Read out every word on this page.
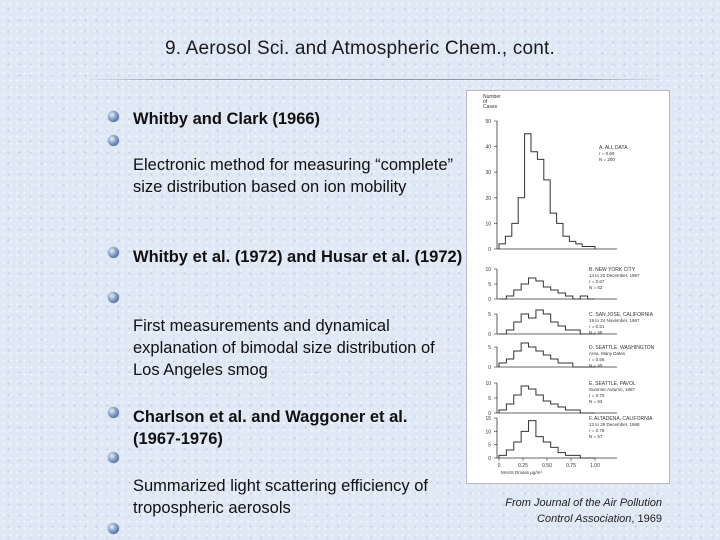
9. Aerosol Sci. and Atmospheric Chem., cont.
Whitby and Clark (1966)
Electronic method for measuring “complete” size distribution based on ion mobility
Whitby et al. (1972) and Husar et al. (1972)
First measurements and dynamical explanation of bimodal size distribution of Los Angeles smog
Charlson et al. and Waggoner et al. (1967-1976)
Summarized light scattering efficiency of tropospheric aerosols
Number
of
Cases
50
40
30
20
10
0
A. ALL DATA
r = 0.60
N = 200
10
5
0
B. NEW YORK CITY
14 to 22 December, 1967
r = 0.67
N = 62
5
0
C. SAN JOSE, CALIFORNIA
19 to 24 November, 1967
r = 0.51
N = 48
5
0
D. SEATTLE, WASHINGTON
Area, Many Dates
r = 0.55
N = 45
10
5
0
E. SEATTLE, PAVOL
Summer Autumn, 1967
r = 0.70
N = 63
15
10
5
0
F. ALTADENA, CALIFORNIA
13 to 29 December, 1968
r = 0.78
N = 57
0	0.25	0.50	0.75	1.00
MASS Dmass µg/m³
From Journal of the Air Pollution
Control Association, 1969
